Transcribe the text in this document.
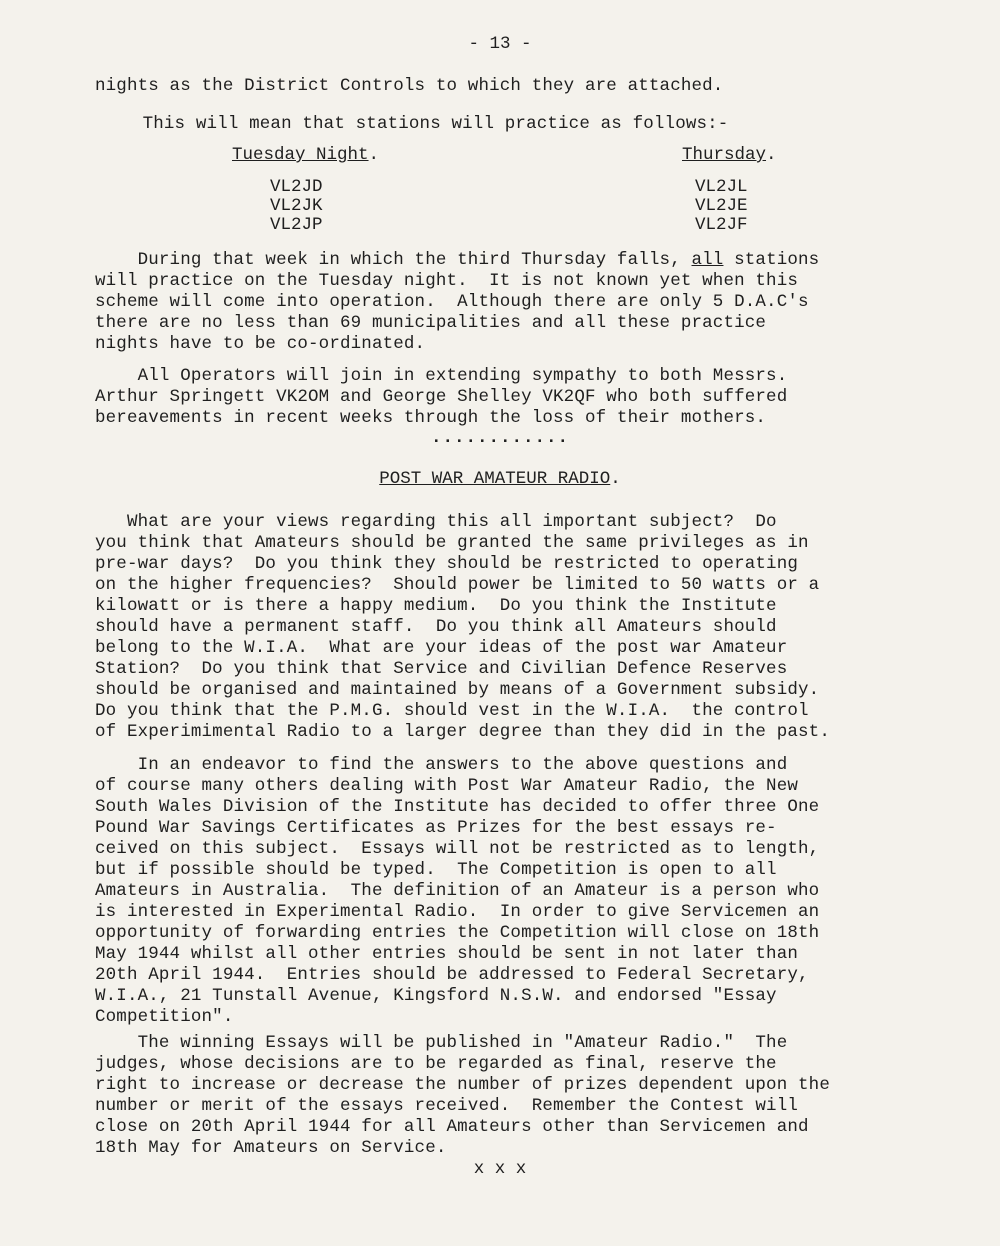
- 13 -
nights as the District Controls to which they are attached.
This will mean that stations will practice as follows:-
Tuesday Night.	Thursday.
VL2JD
VL2JK
VL2JP
VL2JL
VL2JE
VL2JF
During that week in which the third Thursday falls, all stations
will practice on the Tuesday night.  It is not known yet when this
scheme will come into operation.  Although there are only 5 D.A.C's
there are no less than 69 municipalities and all these practice
nights have to be co-ordinated.
All Operators will join in extending sympathy to both Messrs.
Arthur Springett VK2OM and George Shelley VK2QF who both suffered
bereavements in recent weeks through the loss of their mothers.
............
POST WAR AMATEUR RADIO.
What are your views regarding this all important subject?  Do
you think that Amateurs should be granted the same privileges as in
pre-war days?  Do you think they should be restricted to operating
on the higher frequencies?  Should power be limited to 50 watts or a
kilowatt or is there a happy medium.  Do you think the Institute
should have a permanent staff.  Do you think all Amateurs should
belong to the W.I.A.  What are your ideas of the post war Amateur
Station?  Do you think that Service and Civilian Defence Reserves
should be organised and maintained by means of a Government subsidy.
Do you think that the P.M.G. should vest in the W.I.A.  the control
of Experimimental Radio to a larger degree than they did in the past.
In an endeavor to find the answers to the above questions and
of course many others dealing with Post War Amateur Radio, the New
South Wales Division of the Institute has decided to offer three One
Pound War Savings Certificates as Prizes for the best essays re-
ceived on this subject.  Essays will not be restricted as to length,
but if possible should be typed.  The Competition is open to all
Amateurs in Australia.  The definition of an Amateur is a person who
is interested in Experimental Radio.  In order to give Servicemen an
opportunity of forwarding entries the Competition will close on 18th
May 1944 whilst all other entries should be sent in not later than
20th April 1944.  Entries should be addressed to Federal Secretary,
W.I.A., 21 Tunstall Avenue, Kingsford N.S.W. and endorsed "Essay
Competition".
The winning Essays will be published in "Amateur Radio."  The
judges, whose decisions are to be regarded as final, reserve the
right to increase or decrease the number of prizes dependent upon the
number or merit of the essays received.  Remember the Contest will
close on 20th April 1944 for all Amateurs other than Servicemen and
18th May for Amateurs on Service.
x x x
